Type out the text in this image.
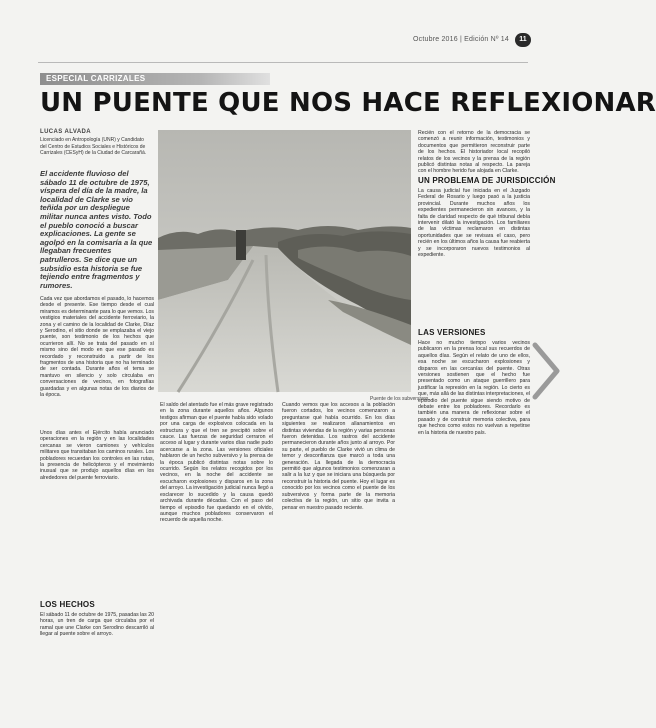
Octubre 2016 | Edición Nº 14	11
ESPECIAL CARRIZALES
UN PUENTE QUE NOS HACE REFLEXIONAR
LUCAS ALVADA
Licenciado en Antropología (UNR) y Candidato del Centro de Estudios Sociales e Históricos de Carrizales (CESyH) de la Ciudad de Carcarañá.
El accidente fluvioso del sábado 11 de octubre de 1975, víspera del día de la madre, la localidad de Clarke se vio teñida por un despliegue militar nunca antes visto. Todo el pueblo conoció a buscar explicaciones. La gente se agolpó en la comisaría a la que llegaban frecuentes patrulleros. Se dice que un subsidio esta historia se fue tejiendo entre fragmentos y rumores.
Puente de los subversivos.
Cada vez que abordamos el pasado, lo hacemos desde el presente. Ese tiempo desde el cual miramos es determinante para lo que vemos. Los vestigios materiales del accidente ferroviario, la zona y el camino de la localidad de Clarke, Díaz y Serodino, el sitio donde se emplazaba el viejo puente, son testimonio de los hechos que ocurrieron allí. No se trata del pasado en sí mismo sino del modo en que ese pasado es recordado y reconstruido a partir de los fragmentos de una historia que no ha terminado de ser contada. Durante años el tema se mantuvo en silencio y solo circulaba en conversaciones de vecinos, en fotografías guardadas y en algunas notas de los diarios de la época.
Unos días antes el Ejército había anunciado operaciones en la región y en las localidades cercanas se vieron camiones y vehículos militares que transitaban los caminos rurales. Los pobladores recuerdan los controles en las rutas, la presencia de helicópteros y el movimiento inusual que se produjo aquellos días en los alrededores del puente ferroviario.
LOS HECHOS
El sábado 11 de octubre de 1975, pasadas las 20 horas, un tren de carga que circulaba por el ramal que une Clarke con Serodino descarriló al llegar al puente sobre el arroyo.
El saldo del atentado fue el más grave registrado en la zona durante aquellos años. Algunos testigos afirman que el puente había sido volado por una carga de explosivos colocada en la estructura y que el tren se precipitó sobre el cauce. Las fuerzas de seguridad cerraron el acceso al lugar y durante varios días nadie pudo acercarse a la zona. Las versiones oficiales hablaron de un hecho subversivo y la prensa de la época publicó distintas notas sobre lo ocurrido. Según los relatos recogidos por los vecinos, en la noche del accidente se escucharon explosiones y disparos en la zona del arroyo. La investigación judicial nunca llegó a esclarecer lo sucedido y la causa quedó archivada durante décadas. Con el paso del tiempo el episodio fue quedando en el olvido, aunque muchos pobladores conservaron el recuerdo de aquella noche.
Cuando vemos que los accesos a la población fueron cortados, los vecinos comenzaron a preguntarse qué había ocurrido. En los días siguientes se realizaron allanamientos en distintas viviendas de la región y varias personas fueron detenidas. Los rastros del accidente permanecieron durante años junto al arroyo. Por su parte, el pueblo de Clarke vivió un clima de temor y desconfianza que marcó a toda una generación. La llegada de la democracia permitió que algunos testimonios comenzaran a salir a la luz y que se iniciara una búsqueda por reconstruir la historia del puente. Hoy el lugar es conocido por los vecinos como el puente de los subversivos y forma parte de la memoria colectiva de la región, un sitio que invita a pensar en nuestro pasado reciente.
Recién con el retorno de la democracia se comenzó a reunir información, testimonios y documentos que permitieron reconstruir parte de los hechos. El historiador local recopiló relatos de los vecinos y la prensa de la región publicó distintas notas al respecto. La pareja con el hombre herido fue alojada en Clarke.
UN PROBLEMA DE JURISDICCIÓN
La causa judicial fue iniciada en el Juzgado Federal de Rosario y luego pasó a la justicia provincial. Durante muchos años los expedientes permanecieron sin avances, y la falta de claridad respecto de qué tribunal debía intervenir dilató la investigación. Los familiares de las víctimas reclamaron en distintas oportunidades que se revisara el caso, pero recién en los últimos años la causa fue reabierta y se incorporaron nuevos testimonios al expediente.
LAS VERSIONES
Hace no mucho tiempo varios vecinos publicaron en la prensa local sus recuerdos de aquellos días. Según el relato de uno de ellos, esa noche se escucharon explosiones y disparos en las cercanías del puente. Otras versiones sostienen que el hecho fue presentado como un ataque guerrillero para justificar la represión en la región. Lo cierto es que, más allá de las distintas interpretaciones, el episodio del puente sigue siendo motivo de debate entre los pobladores. Recordarlo es también una manera de reflexionar sobre el pasado y de construir memoria colectiva, para que hechos como estos no vuelvan a repetirse en la historia de nuestro país.
